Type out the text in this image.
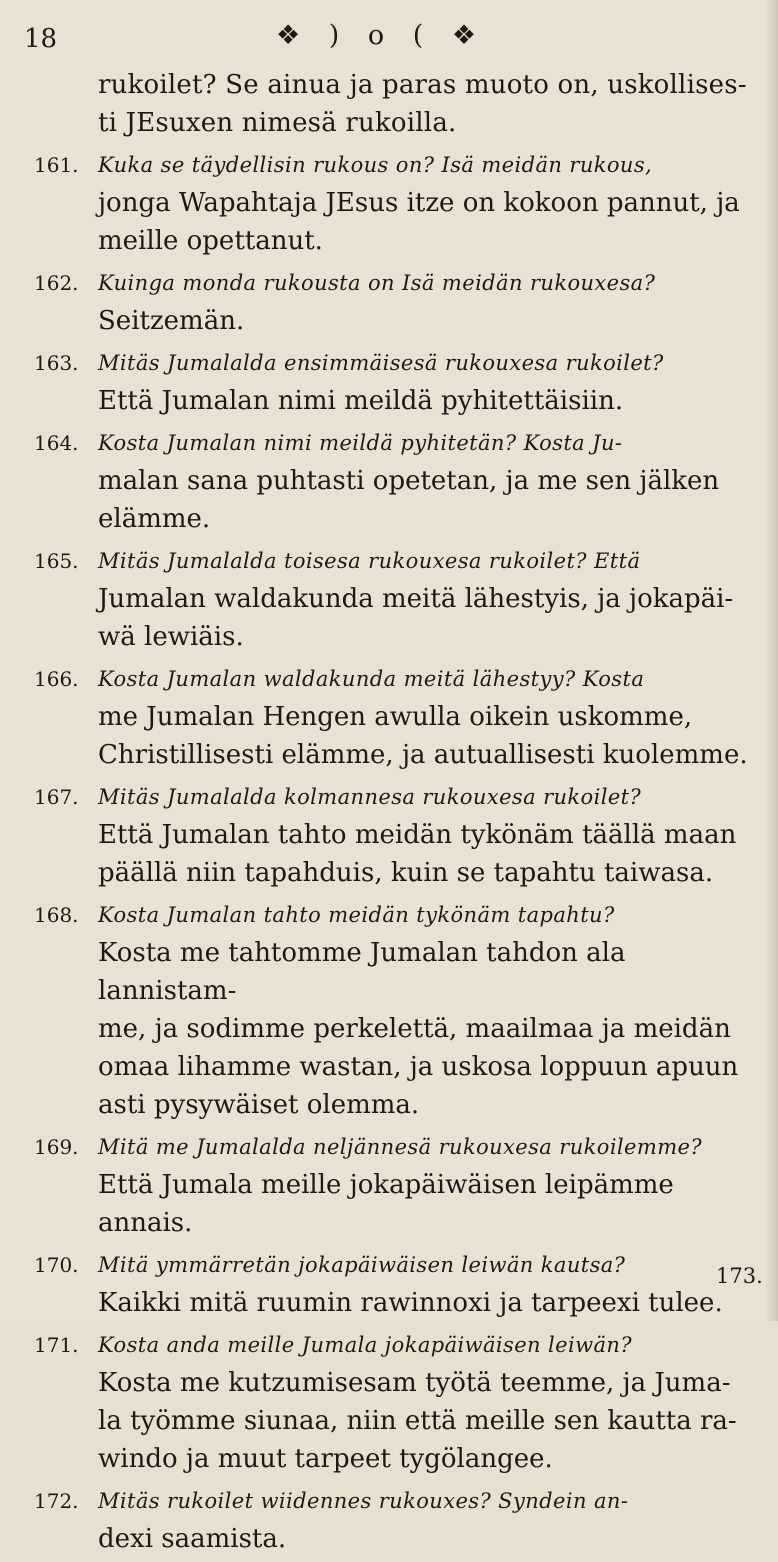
18	❖ ) o ( ❖
rukoilet? Se ainua ja paras muoto on, uskollises-
ti JEsuxen nimesä rukoilla.
161. Kuka se täydellisin rukous on? Isä meidän rukous,
jonga Wapahtaja JEsus itze on kokoon pannut, ja
meille opettanut.
162. Kuinga monda rukousta on Isä meidän rukouxesa?
Seitzemän.
163. Mitäs Jumalalda ensimmäisesä rukouxesa rukoilet?
Että Jumalan nimi meildä pyhitettäisiin.
164. Kosta Jumalan nimi meildä pyhitetän? Kosta Ju-
malan sana puhtasti opetetan, ja me sen jälken elämme.
165. Mitäs Jumalalda toisesa rukouxesa rukoilet? Että
Jumalan waldakunda meitä lähestyis, ja jokapäi-
wä lewiäis.
166. Kosta Jumalan waldakunda meitä lähestyy? Kosta
me Jumalan Hengen awulla oikein uskomme,
Christillisesti elämme, ja autuallisesti kuolemme.
167. Mitäs Jumalalda kolmannesa rukouxesa rukoilet?
Että Jumalan tahto meidän tykönäm täällä maan
päällä niin tapahduis, kuin se tapahtu taiwasa.
168. Kosta Jumalan tahto meidän tykönäm tapahtu?
Kosta me tahtomme Jumalan tahdon ala lannistam-
me, ja sodimme perkelettä, maailmaa ja meidän
omaa lihamme wastan, ja uskosa loppuun apuun
asti pysywäiset olemma.
169. Mitä me Jumalalda neljännesä rukouxesa rukoilemme?
Että Jumala meille jokapäiwäisen leipämme annais.
170. Mitä ymmärretän jokapäiwäisen leiwän kautsa?
Kaikki mitä ruumin rawinnoxi ja tarpeexi tulee.
171. Kosta anda meille Jumala jokapäiwäisen leiwän?
Kosta me kutzumisesam työtä teemme, ja Juma-
la työmme siunaa, niin että meille sen kautta ra-
windo ja muut tarpeet tygölangee.
172. Mitäs rukoilet wiidennes rukouxes? Syndein an-
dexi saamista.
173.
